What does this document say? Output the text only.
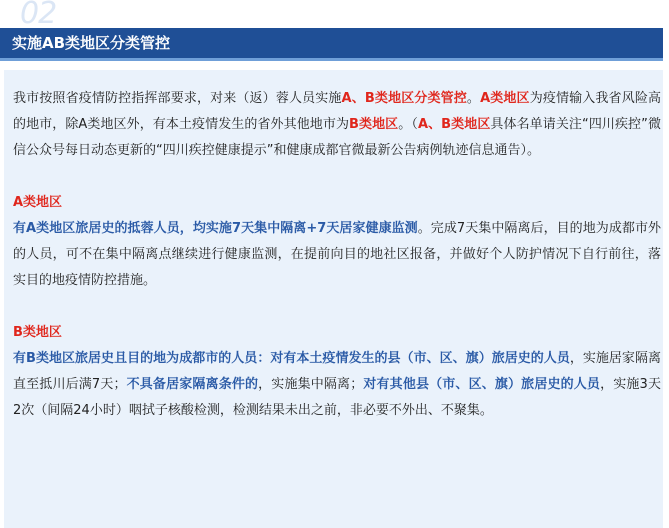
02
实施AB类地区分类管控

我市按照省疫情防控指挥部要求，对来（返）蓉人员实施A、B类地区分类管控。A类地区为疫情输入我省风险高的地市，除A类地区外，有本土疫情发生的省外其他地市为B类地区。（A、B类地区具体名单请关注“四川疾控”微信公众号每日动态更新的“四川疾控健康提示”和健康成都官微最新公告病例轨迹信息通告）。

A类地区

有A类地区旅居史的抵蓉人员，均实施7天集中隔离+7天居家健康监测。完成7天集中隔离后，目的地为成都市外的人员，可不在集中隔离点继续进行健康监测，在提前向目的地社区报备，并做好个人防护情况下自行前往，落实目的地疫情防控措施。

B类地区

有B类地区旅居史且目的地为成都市的人员：对有本土疫情发生的县（市、区、旗）旅居史的人员，实施居家隔离直至抵川后满7天；不具备居家隔离条件的，实施集中隔离；对有其他县（市、区、旗）旅居史的人员，实施3天2次（间隔24小时）咽拭子核酸检测，检测结果未出之前，非必要不外出、不聚集。
